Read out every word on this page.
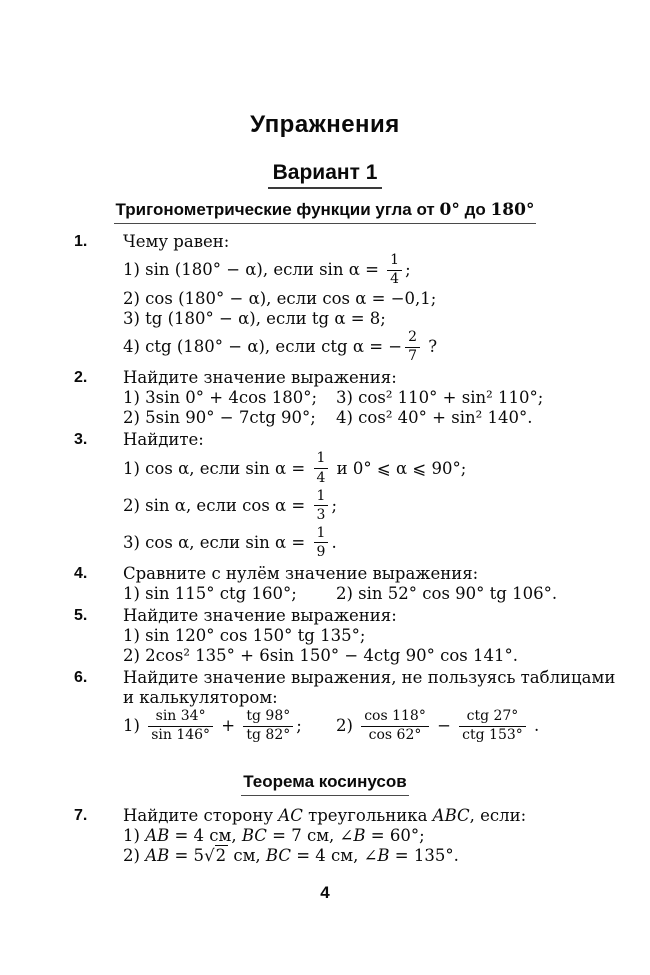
Упражнения
Вариант 1
Тригонометрические функции угла от 0° до 180°
1.	Чему равен:
1) sin (180° − α), если $\sin \alpha = \frac{1}{4}$ ;
2) cos (180° − α), если cos α = −0,1;
3) tg (180° − α), если tg α = 8;
4) ctg (180° − α), если ctg α = − $\frac{2}{7}$ ?
2.	Найдите значение выражения:
1) 3sin 0° + 4cos 180°; 3) cos² 110° + sin² 110°;
2) 5sin 90° − 7ctg 90°; 4) cos² 40° + sin² 140°.
3.	Найдите:
1) cos α, если $\sin \alpha = \frac{1}{4}$ и 0° ⩽ α ⩽ 90°;
2) sin α, если $\cos \alpha = \frac{1}{3}$ ;
3) cos α, если $\sin \alpha = \frac{1}{9}$ .
4.	Сравните с нулём значение выражения:
1) sin 115° ctg 160°; 2) sin 52° cos 90° tg 106°.
5.	Найдите значение выражения:
1) sin 120° cos 150° tg 135°;
2) 2cos² 135° + 6sin 150° − 4ctg 90° cos 141°.
6.	Найдите значение выражения, не пользуясь таблицами
и калькулятором:
$1) \frac{\sin 34^\circ}{\sin 146^\circ} + \frac{tg 98^\circ}{tg 82^\circ}$ ; $2) \frac{\cos 118^\circ}{\cos 62^\circ} - \frac{\text{ctg 27°}}{\text{ctg 153°}}$ .
Теорема косинусов
7.	Найдите сторону AC треугольника ABC, если:
1) AB = 4 см, BC = 7 см, ∠B = 60°;
2) AB = 5√2 см, BC = 4 см, ∠B = 135°.
4
